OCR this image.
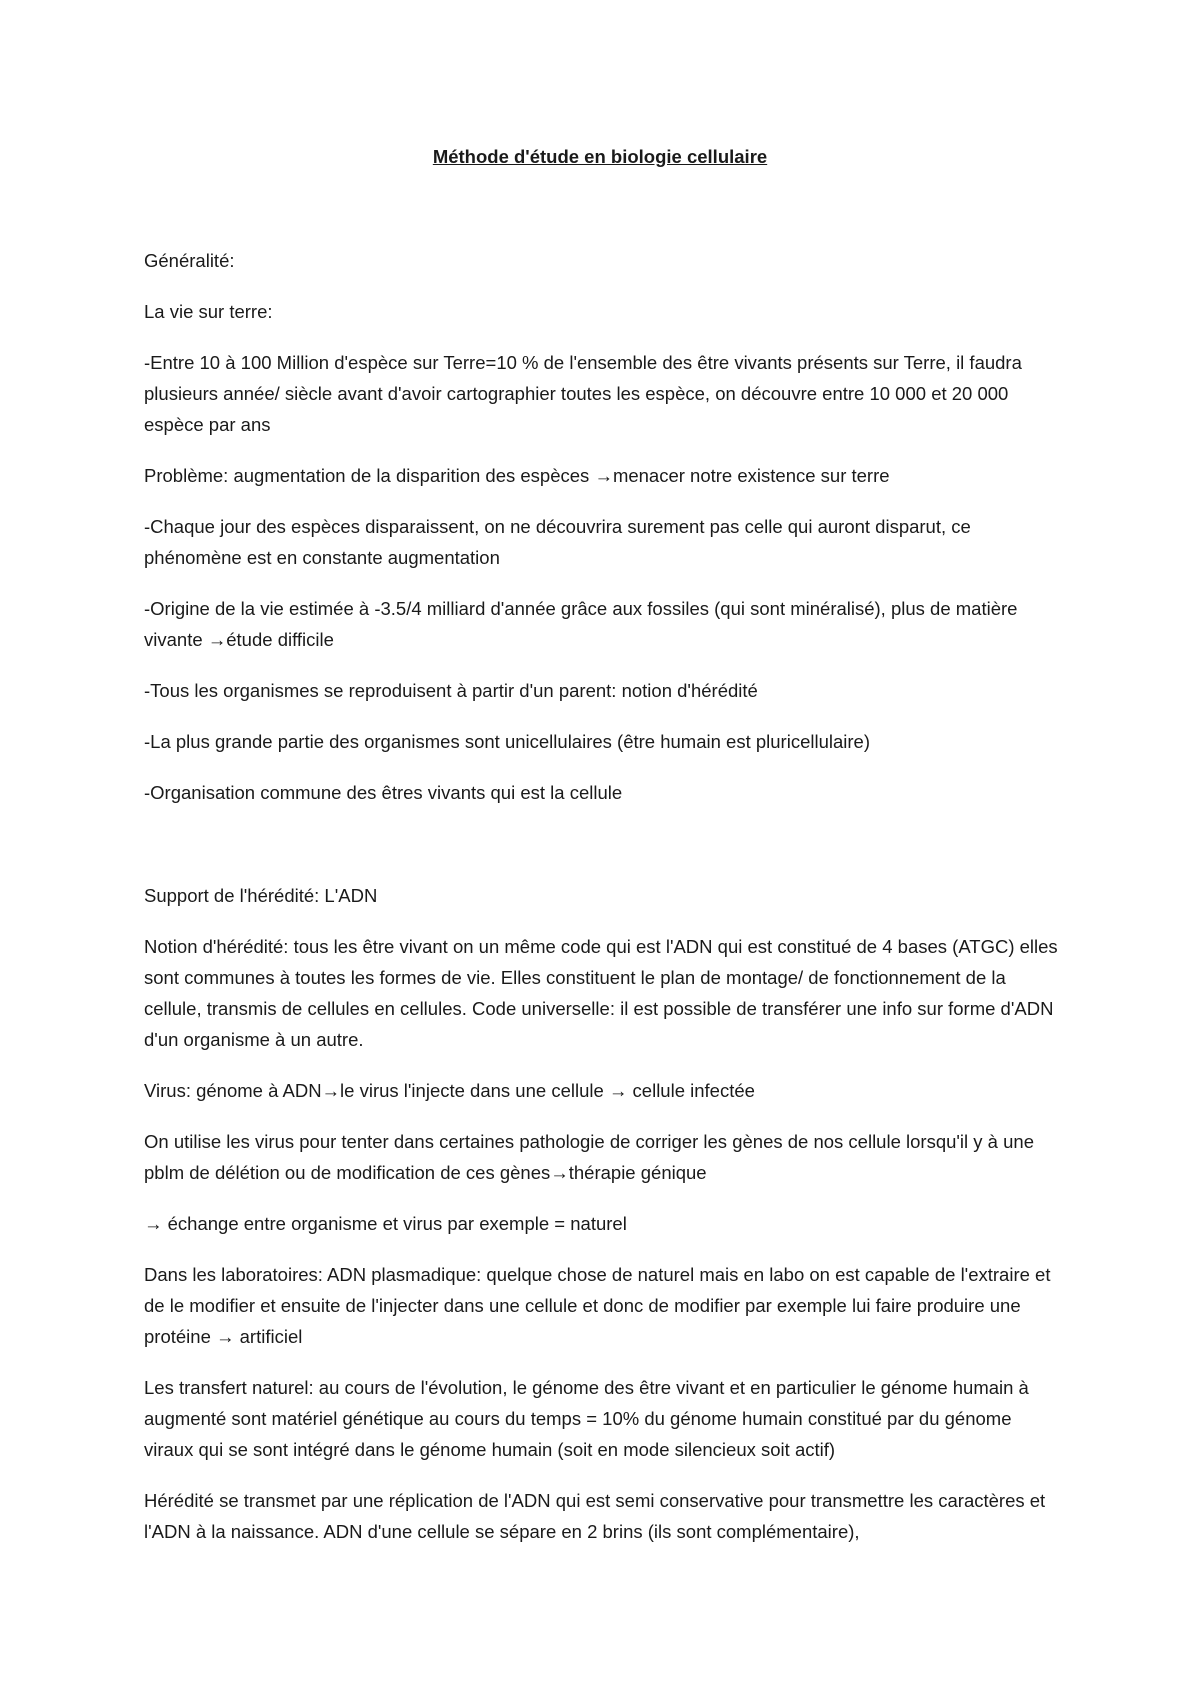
Méthode d'étude en biologie cellulaire

Généralité:

La vie sur terre:

-Entre 10 à 100 Million d'espèce sur Terre=10 % de l'ensemble des être vivants présents sur Terre, il faudra plusieurs année/ siècle avant d'avoir cartographier toutes les espèce, on découvre entre 10 000 et 20 000 espèce par ans

Problème: augmentation de la disparition des espèces →menacer notre existence sur terre

-Chaque jour des espèces disparaissent, on ne découvrira surement pas celle qui auront disparut, ce phénomène est en constante augmentation

-Origine de la vie estimée à -3.5/4 milliard d'année grâce aux fossiles (qui sont minéralisé), plus de matière vivante →étude difficile

-Tous les organismes se reproduisent à partir d'un parent: notion d'hérédité

-La plus grande partie des organismes sont unicellulaires (être humain est pluricellulaire)

-Organisation commune des êtres vivants qui est la cellule

Support de l'hérédité: L'ADN

Notion d'hérédité: tous les être vivant on un même code qui est l'ADN qui est constitué de 4 bases (ATGC) elles sont communes à toutes les formes de vie. Elles constituent le plan de montage/ de fonctionnement de la cellule, transmis de cellules en cellules. Code universelle: il est possible de transférer une info sur forme d'ADN d'un organisme à un autre.

Virus: génome à ADN→le virus l'injecte dans une cellule → cellule infectée

On utilise les virus pour tenter dans certaines pathologie de corriger les gènes de nos cellule lorsqu'il y à une pblm de délétion ou de modification de ces gènes→thérapie génique

→ échange entre organisme et virus par exemple = naturel

Dans les laboratoires: ADN plasmadique: quelque chose de naturel mais en labo on est capable de l'extraire et de le modifier et ensuite de l'injecter dans une cellule et donc de modifier par exemple lui faire produire une protéine → artificiel

Les transfert naturel: au cours de l'évolution, le génome des être vivant et en particulier le génome humain à augmenté sont matériel génétique au cours du temps = 10% du génome humain constitué par du génome viraux qui se sont intégré dans le génome humain (soit en mode silencieux soit actif)

Hérédité se transmet par une réplication de l'ADN qui est semi conservative pour transmettre les caractères et l'ADN à la naissance. ADN d'une cellule se sépare en 2 brins (ils sont complémentaire),
